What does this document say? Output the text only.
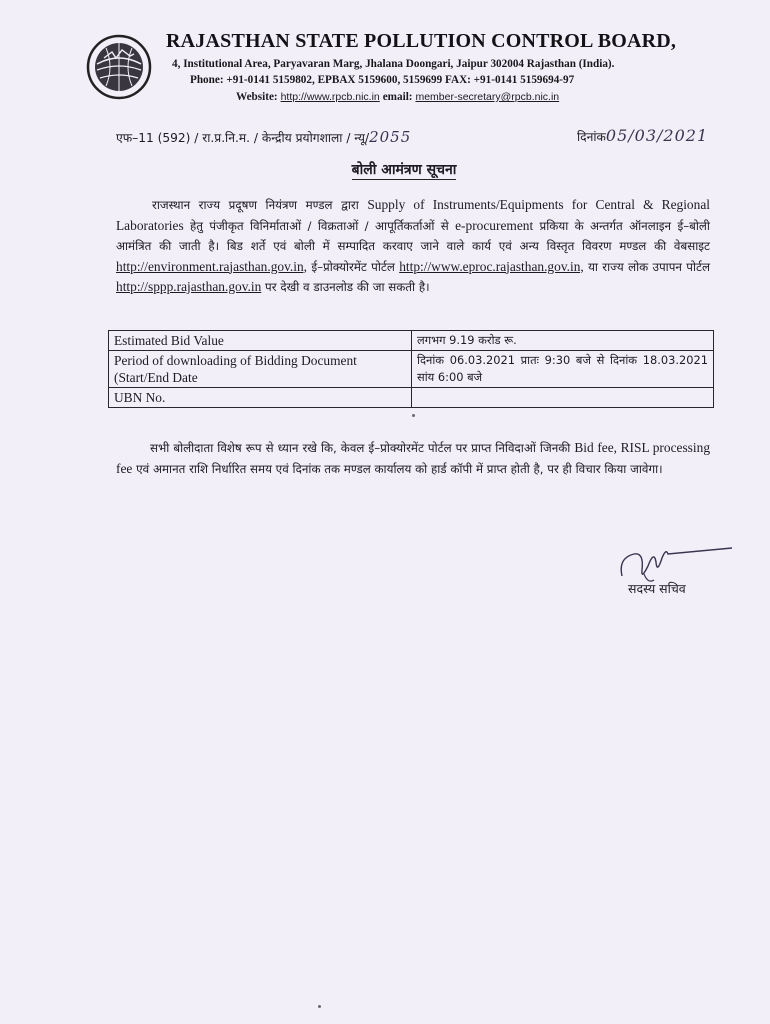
RAJASTHAN STATE POLLUTION CONTROL BOARD,
4, Institutional Area, Paryavaran Marg, Jhalana Doongari, Jaipur 302004 Rajasthan (India).
Phone: +91-0141 5159802, EPBAX 5159600, 5159699 FAX: +91-0141 5159694-97
Website: http://www.rpcb.nic.in email: member-secretary@rpcb.nic.in
एफ–11 (592) / रा.प्र.नि.म. / केन्द्रीय प्रयोगशाला / न्यू/2055	दिनांक05/03/2021
बोली आमंत्रण सूचना
राजस्थान राज्य प्रदूषण नियंत्रण मण्डल द्वारा Supply of Instruments/Equipments for Central & Regional Laboratories हेतु पंजीकृत विनिर्माताओं / विक्रताओं / आपूर्तिकर्ताओं से e-procurement प्रकिया के अन्तर्गत ऑनलाइन ई–बोली आमंत्रित की जाती है। बिड शर्ते एवं बोली में सम्पादित करवाए जाने वाले कार्य एवं अन्य विस्तृत विवरण मण्डल की वेबसाइट http://environment.rajasthan.gov.in, ई–प्रोक्योरमेंट पोर्टल http://www.eproc.rajasthan.gov.in, या राज्य लोक उपापन पोर्टल http://sppp.rajasthan.gov.in पर देखी व डाउनलोड की जा सकती है।
Estimated Bid Value	लगभग 9.19 करोड रू.
Period of downloading of Bidding Document (Start/End Date	दिनांक 06.03.2021 प्रातः 9:30 बजे से दिनांक 18.03.2021 सांय 6:00 बजे
UBN No.	
सभी बोलीदाता विशेष रूप से ध्यान रखे कि, केवल ई–प्रोक्योरमेंट पोर्टल पर प्राप्त निविदाओं जिनकी Bid fee, RISL processing fee एवं अमानत राशि निर्धारित समय एवं दिनांक तक मण्डल कार्यालय को हार्ड कॉपी में प्राप्त होती है, पर ही विचार किया जावेगा।
सदस्य सचिव
